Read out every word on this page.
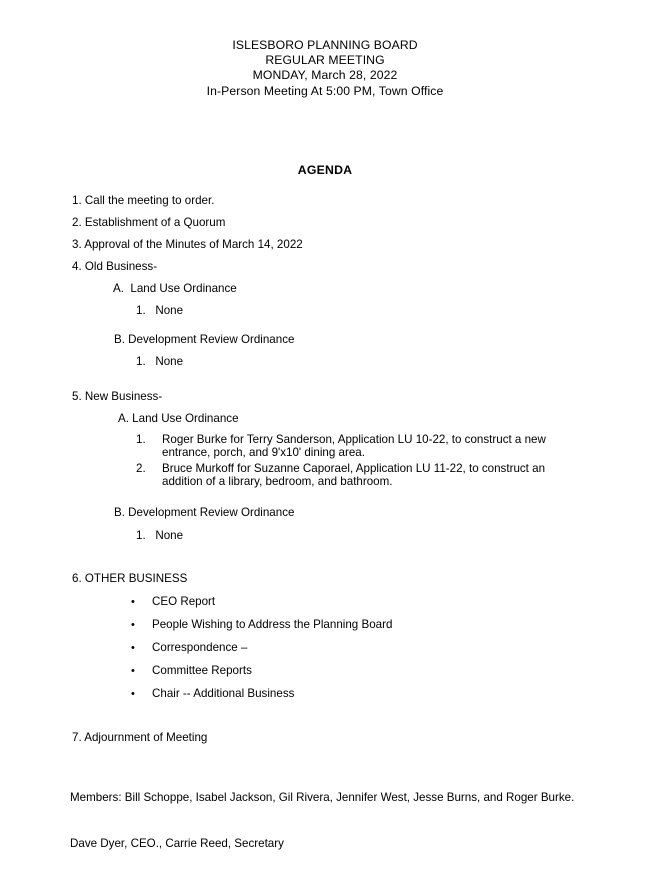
ISLESBORO PLANNING BOARD
REGULAR MEETING
MONDAY, March 28, 2022
In-Person Meeting At 5:00 PM, Town Office
AGENDA
1. Call the meeting to order.
2. Establishment of a Quorum
3. Approval of the Minutes of March 14, 2022
4. Old Business-
A.  Land Use Ordinance
1.   None
B. Development Review Ordinance
1.   None
5. New Business-
A. Land Use Ordinance
1. Roger Burke for Terry Sanderson, Application LU 10-22, to construct a new entrance, porch, and 9'x10' dining area.
2. Bruce Murkoff for Suzanne Caporael, Application LU 11-22, to construct an addition of a library, bedroom, and bathroom.
B. Development Review Ordinance
1.   None
6. OTHER BUSINESS
• CEO Report
• People Wishing to Address the Planning Board
• Correspondence –
• Committee Reports
• Chair -- Additional Business
7. Adjournment of Meeting

Members: Bill Schoppe, Isabel Jackson, Gil Rivera, Jennifer West, Jesse Burns, and Roger Burke.

Dave Dyer, CEO., Carrie Reed, Secretary
